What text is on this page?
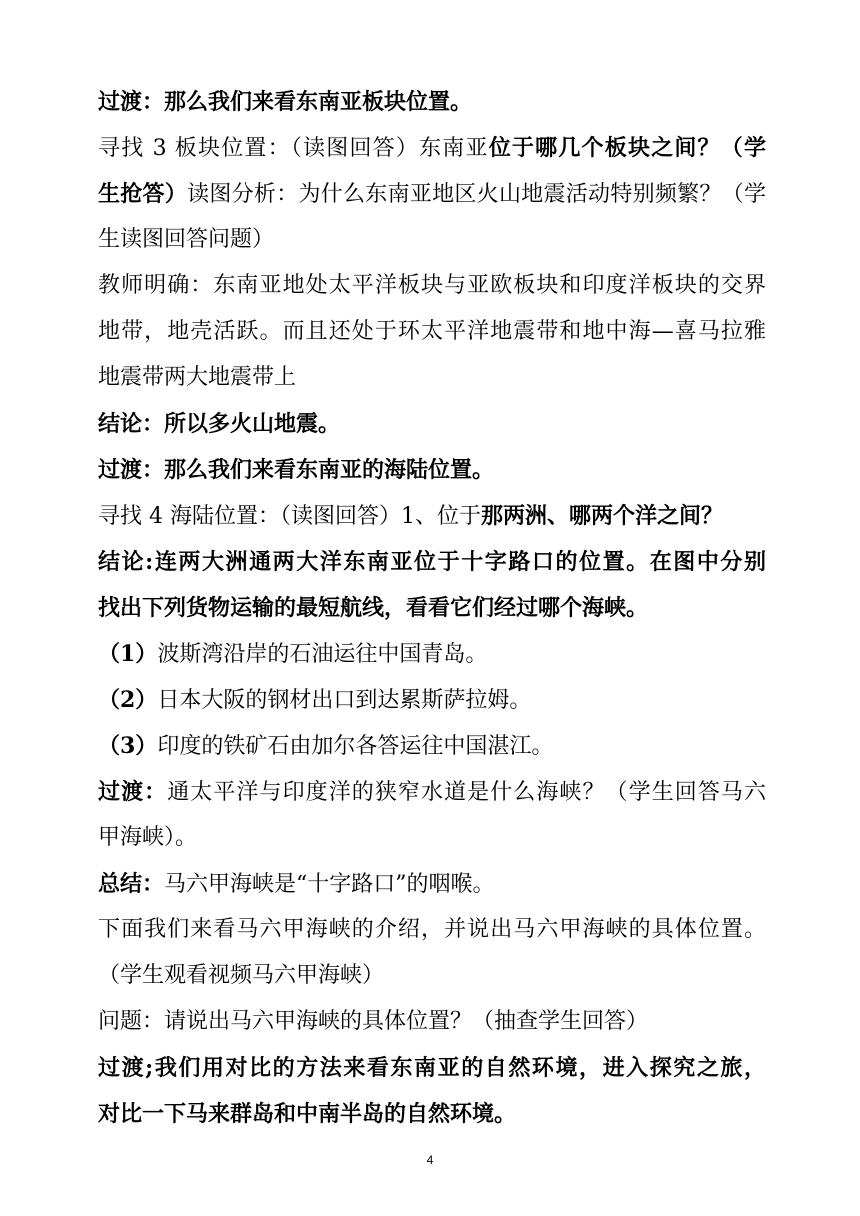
过渡：那么我们来看东南亚板块位置。
寻找 3 板块位置：（读图回答）东南亚位于哪几个板块之间？（学
生抢答）读图分析：为什么东南亚地区火山地震活动特别频繁？（学
生读图回答问题）
教师明确：东南亚地处太平洋板块与亚欧板块和印度洋板块的交界
地带，地壳活跃。而且还处于环太平洋地震带和地中海—喜马拉雅
地震带两大地震带上
结论：所以多火山地震。
过渡：那么我们来看东南亚的海陆位置。
寻找 4 海陆位置：（读图回答）1、位于那两洲、哪两个洋之间？
结论:连两大洲通两大洋东南亚位于十字路口的位置。在图中分别
找出下列货物运输的最短航线，看看它们经过哪个海峡。
（1）波斯湾沿岸的石油运往中国青岛。
（2）日本大阪的钢材出口到达累斯萨拉姆。
（3）印度的铁矿石由加尔各答运往中国湛江。
过渡：通太平洋与印度洋的狭窄水道是什么海峡？（学生回答马六
甲海峡）。
总结：马六甲海峡是“十字路口”的咽喉。
下面我们来看马六甲海峡的介绍，并说出马六甲海峡的具体位置。
（学生观看视频马六甲海峡）
问题：请说出马六甲海峡的具体位置？（抽查学生回答）
过渡;我们用对比的方法来看东南亚的自然环境，进入探究之旅，
对比一下马来群岛和中南半岛的自然环境。
4
